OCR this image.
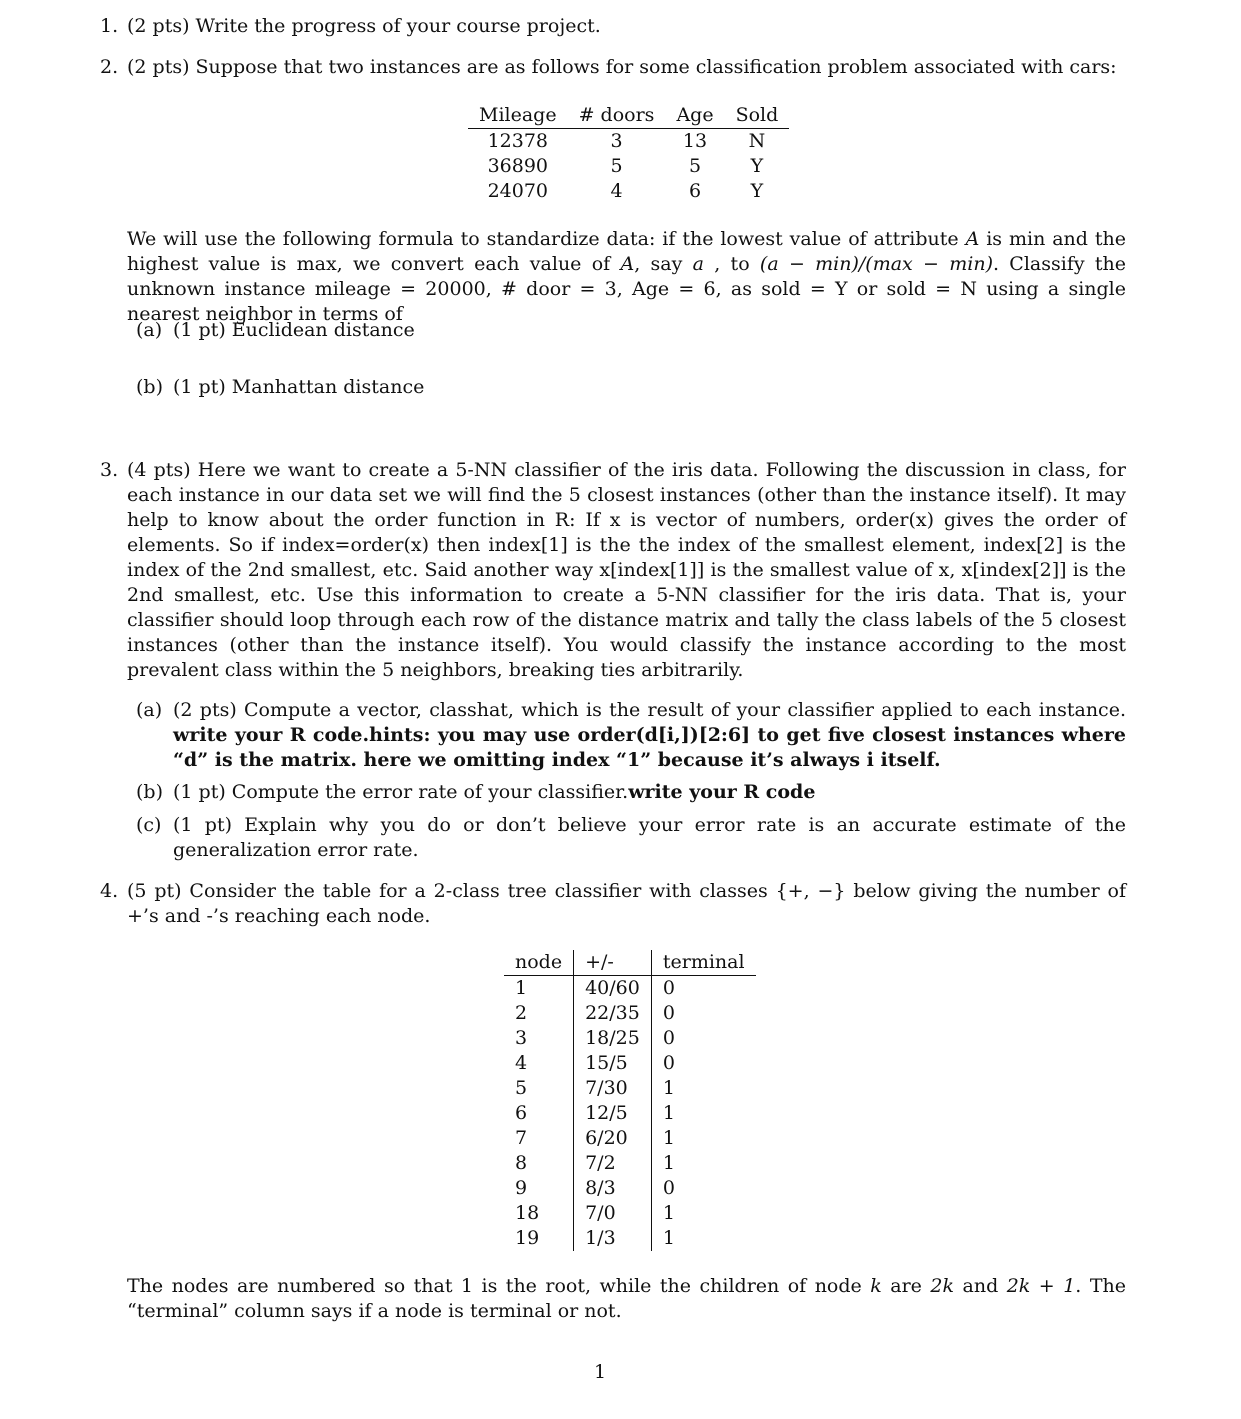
1. (2 pts) Write the progress of your course project.
2. (2 pts) Suppose that two instances are as follows for some classification problem associated with cars:
Mileage	# doors	Age	Sold
12378	3	13	N
36890	5	5	Y
24070	4	6	Y
We will use the following formula to standardize data: if the lowest value of attribute A is min and the highest value is max, we convert each value of A, say a , to (a − min)/(max − min). Classify the unknown instance mileage = 20000, # door = 3, Age = 6, as sold = Y or sold = N using a single nearest neighbor in terms of
(a) (1 pt) Euclidean distance
(b) (1 pt) Manhattan distance
3. (4 pts) Here we want to create a 5-NN classifier of the iris data. Following the discussion in class, for each instance in our data set we will find the 5 closest instances (other than the instance itself). It may help to know about the order function in R: If x is vector of numbers, order(x) gives the order of elements. So if index=order(x) then index[1] is the the index of the smallest element, index[2] is the index of the 2nd smallest, etc. Said another way x[index[1]] is the smallest value of x, x[index[2]] is the 2nd smallest, etc. Use this information to create a 5-NN classifier for the iris data. That is, your classifier should loop through each row of the distance matrix and tally the class labels of the 5 closest instances (other than the instance itself). You would classify the instance according to the most prevalent class within the 5 neighbors, breaking ties arbitrarily.
(a) (2 pts) Compute a vector, classhat, which is the result of your classifier applied to each instance. write your R code.hints: you may use order(d[i,])[2:6] to get five closest instances where “d” is the matrix. here we omitting index “1” because it’s always i itself.
(b) (1 pt) Compute the error rate of your classifier.write your R code
(c) (1 pt) Explain why you do or don’t believe your error rate is an accurate estimate of the generalization error rate.
4. (5 pt) Consider the table for a 2-class tree classifier with classes {+, −} below giving the number of +’s and -’s reaching each node.
node	+/-	terminal
1	40/60	0
2	22/35	0
3	18/25	0
4	15/5	0
5	7/30	1
6	12/5	1
7	6/20	1
8	7/2	1
9	8/3	0
18	7/0	1
19	1/3	1
The nodes are numbered so that 1 is the root, while the children of node k are 2k and 2k + 1. The “terminal” column says if a node is terminal or not.
1
